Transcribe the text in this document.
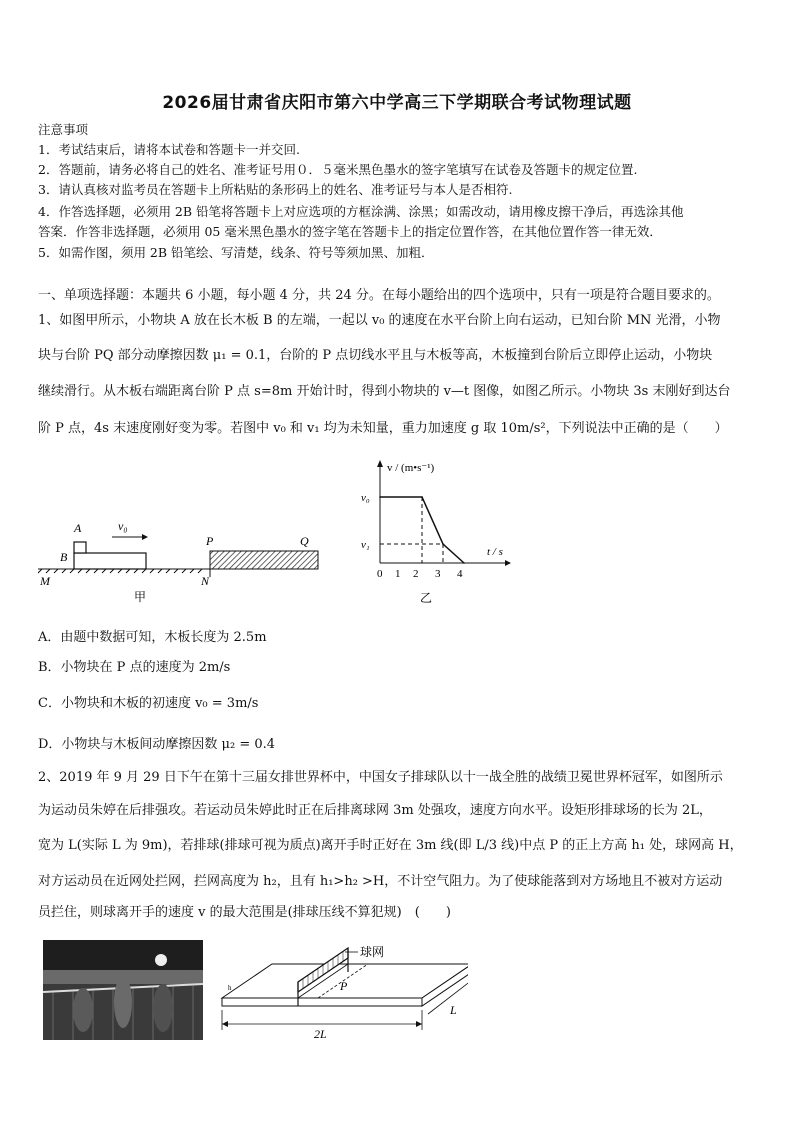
2026届甘肃省庆阳市第六中学高三下学期联合考试物理试题
注意事项
1．考试结束后，请将本试卷和答题卡一并交回.
2．答题前，请务必将自己的姓名、准考证号用０．５毫米黑色墨水的签字笔填写在试卷及答题卡的规定位置.
3．请认真核对监考员在答题卡上所粘贴的条形码上的姓名、准考证号与本人是否相符.
4．作答选择题，必须用 2B 铅笔将答题卡上对应选项的方框涂满、涂黑；如需改动，请用橡皮擦干净后，再选涂其他
答案．作答非选择题，必须用 05 毫米黑色墨水的签字笔在答题卡上的指定位置作答，在其他位置作答一律无效．
5．如需作图，须用 2B 铅笔绘、写清楚，线条、符号等须加黑、加粗．
一、单项选择题：本题共 6 小题，每小题 4 分，共 24 分。在每小题给出的四个选项中，只有一项是符合题目要求的。
1、如图甲所示，小物块 A 放在长木板 B 的左端，一起以 v₀ 的速度在水平台阶上向右运动，已知台阶 MN 光滑，小物
块与台阶 PQ 部分动摩擦因数 μ₁ = 0.1，台阶的 P 点切线水平且与木板等高，木板撞到台阶后立即停止运动，小物块
继续滑行。从木板右端距离台阶 P 点 s=8m 开始计时，得到小物块的 v—t 图像，如图乙所示。小物块 3s 末刚好到达台
阶 P 点，4s 末速度刚好变为零。若图中 v₀ 和 v₁ 均为未知量，重力加速度 g 取 10m/s²，下列说法中正确的是（　　）
v₀
A
B
P	Q
M	N
甲
v / (m•s⁻¹)
t / s
v₀
v₁
0 1 2 3 4
乙
A．由题中数据可知，木板长度为 2.5m
B．小物块在 P 点的速度为 2m/s
C．小物块和木板的初速度 v₀ = 3m/s
D．小物块与木板间动摩擦因数 μ₂ = 0.4
2、2019 年 9 月 29 日下午在第十三届女排世界杯中，中国女子排球队以十一战全胜的战绩卫冕世界杯冠军，如图所示
为运动员朱婷在后排强攻。若运动员朱婷此时正在后排离球网 3m 处强攻，速度方向水平。设矩形排球场的长为 2L，
宽为 L(实际 L 为 9m)，若排球(排球可视为质点)离开手时正好在 3m 线(即 L/3 线)中点 P 的正上方高 h₁ 处，球网高 H，
对方运动员在近网处拦网，拦网高度为 h₂，且有 h₁>h₂ >H，不计空气阻力。为了使球能落到对方场地且不被对方运动
员拦住，则球离开手的速度 v 的最大范围是(排球压线不算犯规)　(　　)
球网
P
2L
L
h
